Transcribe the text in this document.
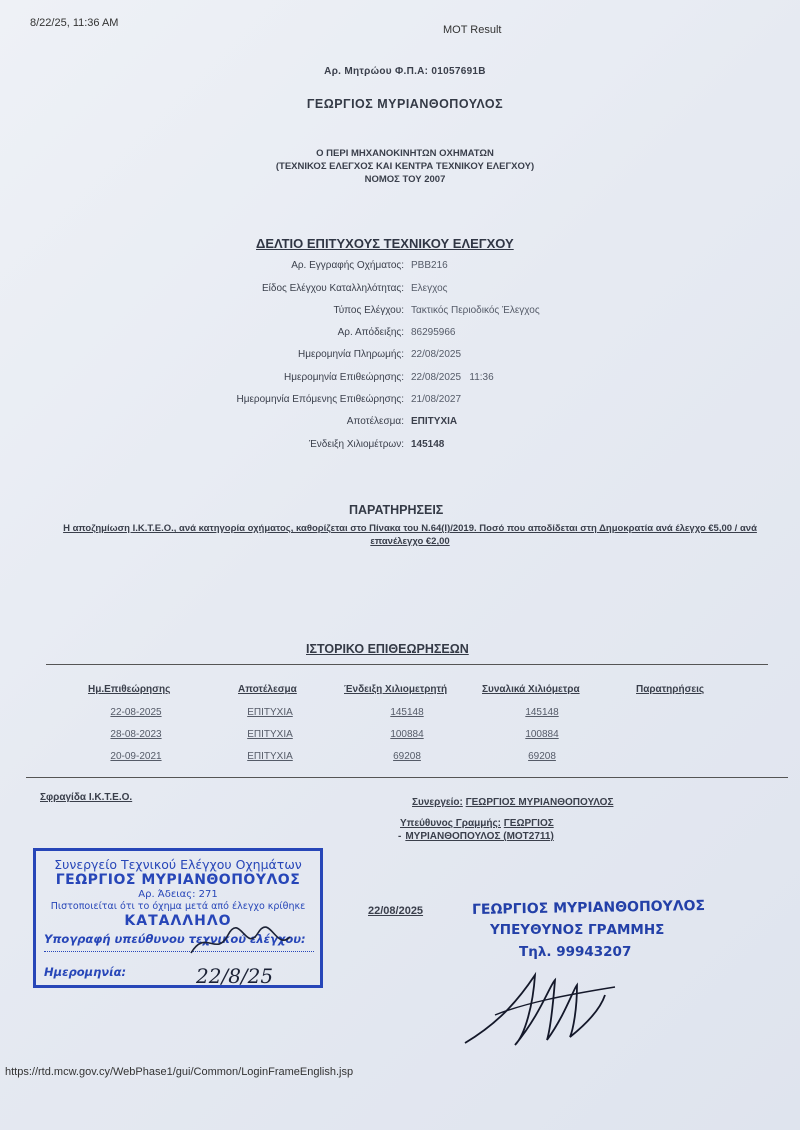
8/22/25, 11:36 AM
MOT Result
https://rtd.mcw.gov.cy/WebPhase1/gui/Common/LoginFrameEnglish.jsp
Αρ. Μητρώου Φ.Π.Α: 01057691B
ΓΕΩΡΓΙΟΣ ΜΥΡΙΑΝΘΟΠΟΥΛΟΣ
Ο ΠΕΡΙ ΜΗΧΑΝΟΚΙΝΗΤΩΝ ΟΧΗΜΑΤΩΝ
(ΤΕΧΝΙΚΟΣ ΕΛΕΓΧΟΣ ΚΑΙ ΚΕΝΤΡΑ ΤΕΧΝΙΚΟΥ ΕΛΕΓΧΟΥ)
ΝΟΜΟΣ ΤΟΥ 2007
ΔΕΛΤΙΟ ΕΠΙΤΥΧΟΥΣ ΤΕΧΝΙΚΟΥ ΕΛΕΓΧΟΥ
Αρ. Εγγραφής Οχήματος: PBB216
Είδος Ελέγχου Καταλληλότητας: Ελεγχος
Τύπος Ελέγχου: Τακτικός Περιοδικός Έλεγχος
Αρ. Απόδειξης: 86295966
Ημερομηνία Πληρωμής: 22/08/2025
Ημερομηνία Επιθεώρησης: 22/08/2025   11:36
Ημερομηνία Επόμενης Επιθεώρησης: 21/08/2027
Αποτέλεσμα: ΕΠΙΤΥΧΙΑ
Ένδειξη Χιλιομέτρων: 145148
ΠΑΡΑΤΗΡΗΣΕΙΣ
Η αποζημίωση Ι.Κ.Τ.Ε.Ο., ανά κατηγορία οχήματος, καθορίζεται στο Πίνακα του Ν.64(Ι)/2019. Ποσό που αποδίδεται στη Δημοκρατία ανά έλεγχο €5,00 / ανά επανέλεγχο €2,00
ΙΣΤΟΡΙΚΟ ΕΠΙΘΕΩΡΗΣΕΩΝ
Ημ.Επιθεώρησης	Αποτέλεσμα	Ένδειξη Χιλιομετρητή	Συναλικά Χιλιόμετρα	Παρατηρήσεις
22-08-2025	ΕΠΙΤΥΧΙΑ	145148	145148
28-08-2023	ΕΠΙΤΥΧΙΑ	100884	100884
20-09-2021	ΕΠΙΤΥΧΙΑ	69208	69208
Σφραγίδα Ι.Κ.Τ.Ε.Ο.	Συνεργείο: ΓΕΩΡΓΙΟΣ ΜΥΡΙΑΝΘΟΠΟΥΛΟΣ
Υπεύθυνος Γραμμής: ΓΕΩΡΓΙΟΣ
- ΜΥΡΙΑΝΘΟΠΟΥΛΟΣ (MOT2711)
Συνεργείο Τεχνικού Ελέγχου Οχημάτων
ΓΕΩΡΓΙΟΣ ΜΥΡΙΑΝΘΟΠΟΥΛΟΣ
Αρ. Άδειας: 271
Πιστοποιείται ότι το όχημα μετά από έλεγχο κρίθηκε
ΚΑΤΑΛΛΗΛΟ
Υπογραφή υπεύθυνου τεχνικού ελέγχου:
Ημερομηνία:	22/8/25
22/08/2025	ΓΕΩΡΓΙΟΣ ΜΥΡΙΑΝΘΟΠΟΥΛΟΣ
ΥΠΕΥΘΥΝΟΣ ΓΡΑΜΜΗΣ
Τηλ. 99943207
